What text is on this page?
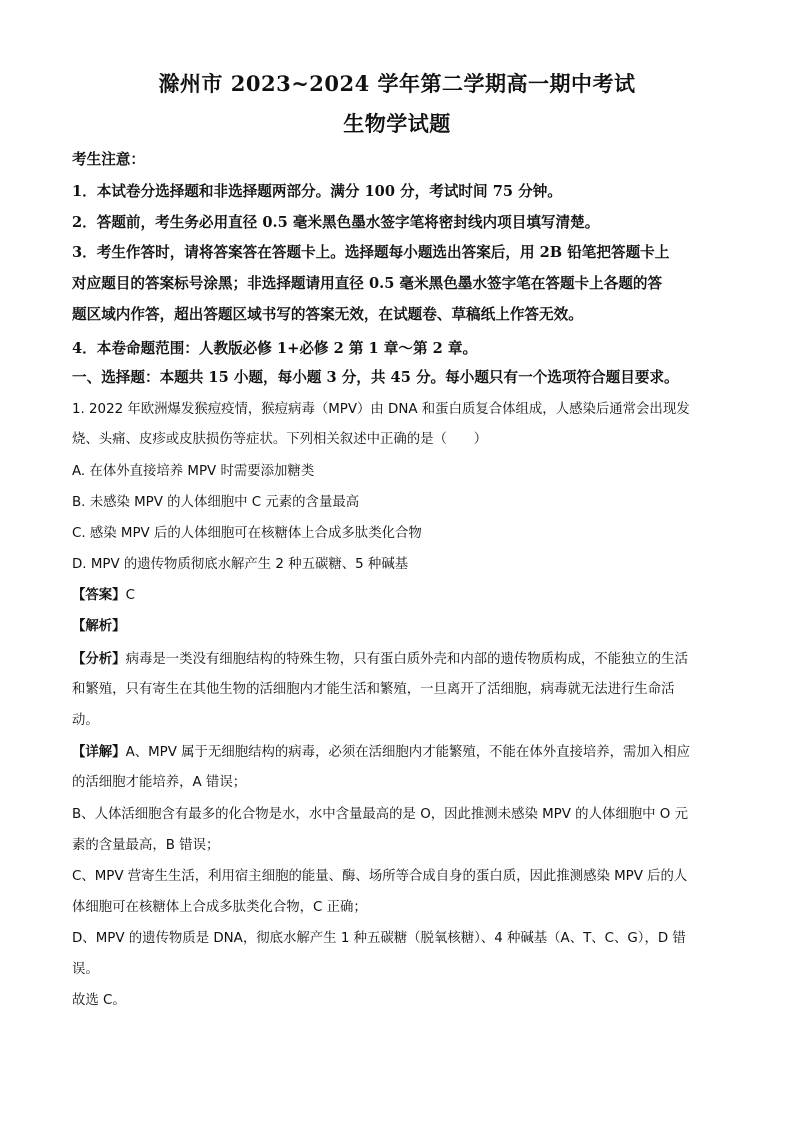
滁州市 2023~2024 学年第二学期高一期中考试
生物学试题
考生注意：
1．本试卷分选择题和非选择题两部分。满分 100 分，考试时间 75 分钟。
2．答题前，考生务必用直径 0.5 毫米黑色墨水签字笔将密封线内项目填写清楚。
3．考生作答时，请将答案答在答题卡上。选择题每小题选出答案后，用 2B 铅笔把答题卡上
对应题目的答案标号涂黑；非选择题请用直径 0.5 毫米黑色墨水签字笔在答题卡上各题的答
题区域内作答，超出答题区域书写的答案无效，在试题卷、草稿纸上作答无效。
4．本卷命题范围：人教版必修 1+必修 2 第 1 章～第 2 章。
一、选择题：本题共 15 小题，每小题 3 分，共 45 分。每小题只有一个选项符合题目要求。
1. 2022 年欧洲爆发猴痘疫情，猴痘病毒（MPV）由 DNA 和蛋白质复合体组成，人感染后通常会出现发
烧、头痛、皮疹或皮肤损伤等症状。下列相关叙述中正确的是（　　）
A. 在体外直接培养 MPV 时需要添加糖类
B. 未感染 MPV 的人体细胞中 C 元素的含量最高
C. 感染 MPV 后的人体细胞可在核糖体上合成多肽类化合物
D. MPV 的遗传物质彻底水解产生 2 种五碳糖、5 种碱基
【答案】C
【解析】
【分析】病毒是一类没有细胞结构的特殊生物，只有蛋白质外壳和内部的遗传物质构成，不能独立的生活
和繁殖，只有寄生在其他生物的活细胞内才能生活和繁殖，一旦离开了活细胞，病毒就无法进行生命活
动。
【详解】A、MPV 属于无细胞结构的病毒，必须在活细胞内才能繁殖，不能在体外直接培养，需加入相应
的活细胞才能培养，A 错误；
B、人体活细胞含有最多的化合物是水，水中含量最高的是 O，因此推测未感染 MPV 的人体细胞中 O 元
素的含量最高，B 错误；
C、MPV 营寄生生活，利用宿主细胞的能量、酶、场所等合成自身的蛋白质，因此推测感染 MPV 后的人
体细胞可在核糖体上合成多肽类化合物，C 正确；
D、MPV 的遗传物质是 DNA，彻底水解产生 1 种五碳糖（脱氧核糖）、4 种碱基（A、T、C、G），D 错
误。
故选 C。
